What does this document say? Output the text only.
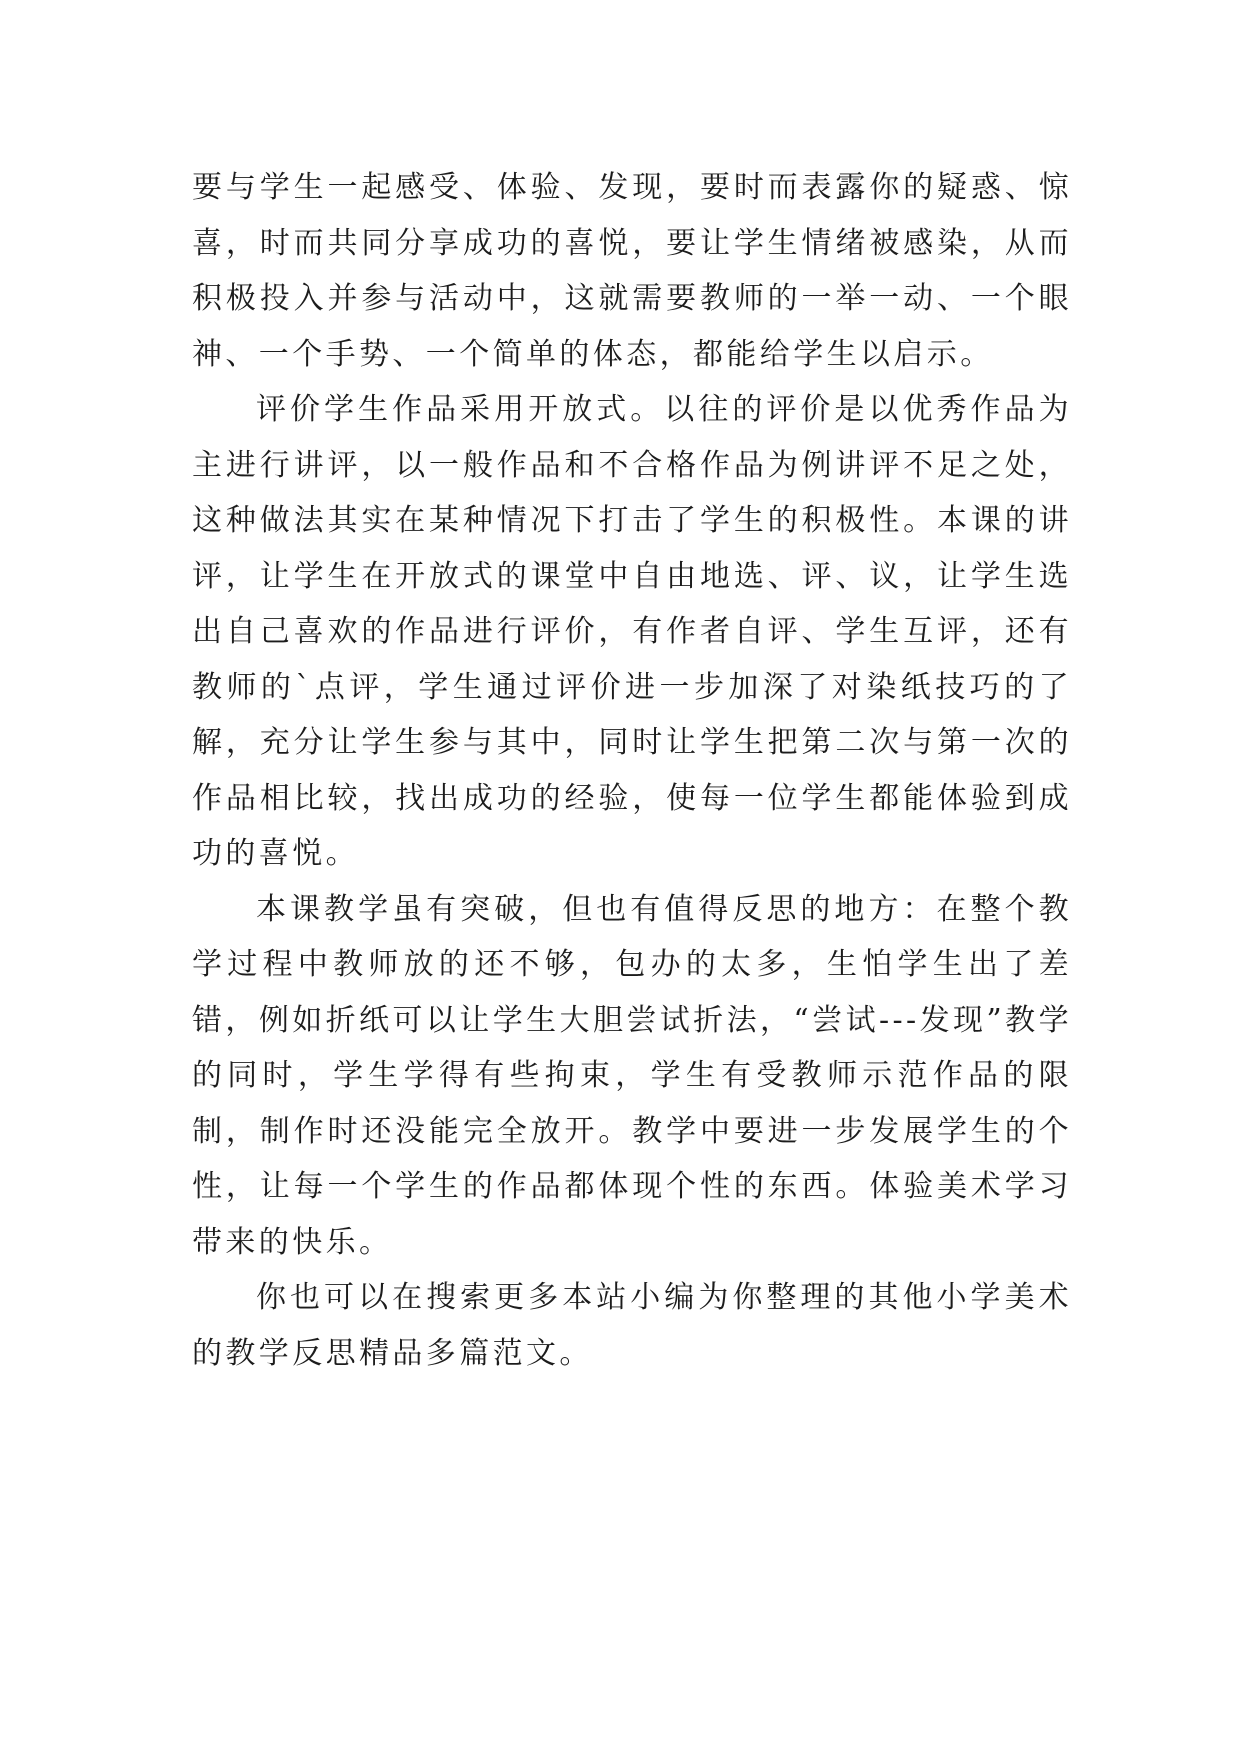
要与学生一起感受、体验、发现，要时而表露你的疑惑、惊喜，时而共同分享成功的喜悦，要让学生情绪被感染，从而积极投入并参与活动中，这就需要教师的一举一动、一个眼神、一个手势、一个简单的体态，都能给学生以启示。

评价学生作品采用开放式。以往的评价是以优秀作品为主进行讲评，以一般作品和不合格作品为例讲评不足之处，这种做法其实在某种情况下打击了学生的积极性。本课的讲评，让学生在开放式的课堂中自由地选、评、议，让学生选出自己喜欢的作品进行评价，有作者自评、学生互评，还有教师的`点评，学生通过评价进一步加深了对染纸技巧的了解，充分让学生参与其中，同时让学生把第二次与第一次的作品相比较，找出成功的经验，使每一位学生都能体验到成功的喜悦。

本课教学虽有突破，但也有值得反思的地方：在整个教学过程中教师放的还不够，包办的太多，生怕学生出了差错，例如折纸可以让学生大胆尝试折法，“尝试---发现”教学的同时，学生学得有些拘束，学生有受教师示范作品的限制，制作时还没能完全放开。教学中要进一步发展学生的个性，让每一个学生的作品都体现个性的东西。体验美术学习带来的快乐。

你也可以在搜索更多本站小编为你整理的其他小学美术的教学反思精品多篇范文。
